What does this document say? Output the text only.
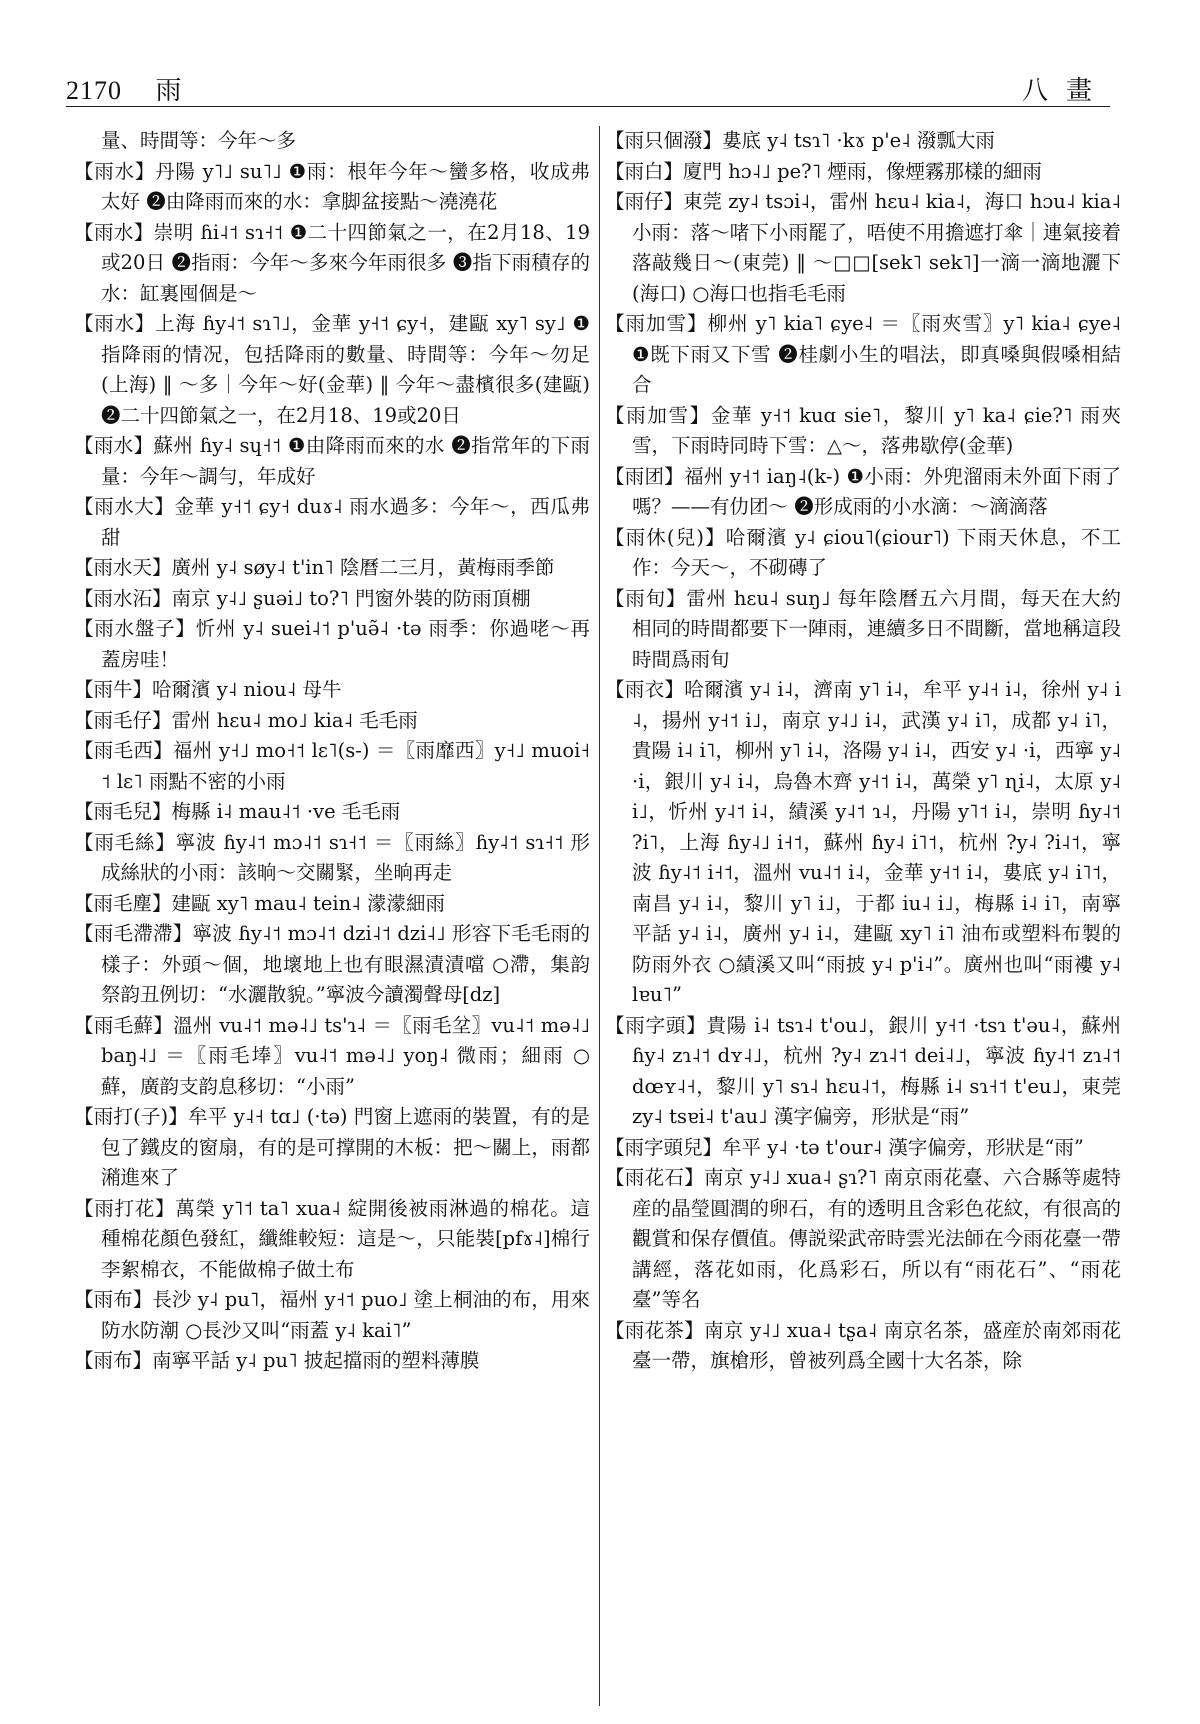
2170 雨	八畫

量、時間等：今年～多

【雨水】丹陽 y˥˩ su˥˩ ❶雨：根年今年～蠻多格，收成弗太好 ❷由降雨而來的水：拿脚盆接點～澆澆花

【雨水】崇明 ɦi˨˦ sɿ˧˦ ❶二十四節氣之一，在2月18、19或20日 ❷指雨：今年～多來今年雨很多 ❸指下雨積存的水：缸裏囤個是～

【雨水】上海 ɦy˨˦ sɿ˥˩，金華 y˧˦ ɕy˧，建甌 xy˥ sy˩ ❶指降雨的情况，包括降雨的數量、時間等：今年～勿足(上海) ‖ ～多｜今年～好(金華) ‖ 今年～盡檳很多(建甌) ❷二十四節氣之一，在2月18、19或20日

【雨水】蘇州 ɦy˨ sɥ˧˦ ❶由降雨而來的水 ❷指常年的下雨量：今年～調勻，年成好

【雨水大】金華 y˧˦ ɕy˧ duɤ˨ 雨水過多：今年～，西瓜弗甜

【雨水天】廣州 y˨ søy˨ t'in˥ 陰曆二三月，黃梅雨季節

【雨水沰】南京 y˨˩ ʂuəi˩ to?˥ 門窗外裝的防雨頂棚

【雨水盤子】忻州 y˨ suei˨˦ p'uə̃˨ ·tə 雨季：你過咾～再蓋房哇！

【雨牛】哈爾濱 y˨ niou˨ 母牛

【雨毛仔】雷州 hɛu˨ mo˩ kia˨ 毛毛雨

【雨毛西】福州 y˧˩ mo˧˦ lɛ˥(s-) ＝〖雨靡西〗y˧˩ muoi˧˦ lɛ˥ 雨點不密的小雨

【雨毛兒】梅縣 i˨ mau˨˦ ·ve 毛毛雨

【雨毛絲】寧波 ɦy˨˦ mɔ˨˦ sɿ˧˦ ＝〖雨絲〗ɦy˨˦ sɿ˧˦ 形成絲狀的小雨：該晌～交關緊，坐晌再走

【雨毛塵】建甌 xy˥ mau˨ tein˨ 濛濛細雨

【雨毛滯滯】寧波 ɦy˨˦ mɔ˨˦ dzi˨˦ dzi˨˩ 形容下毛毛雨的樣子：外頭～個，地壞地上也有眼濕漬漬噹 ○滯，集韵祭韵丑例切：“水灑散貌。”寧波今讀濁聲母[dz]

【雨毛蘚】溫州 vu˨˦ mə˨˩ ts'ɿ˨ ＝〖雨毛坌〗vu˨˦ mə˨˩ baŋ˨˩ ＝〖雨毛埲〗vu˨˦ mə˨˩ yoŋ˨ 微雨；細雨 ○蘚，廣韵支韵息移切：“小雨”

【雨打(子)】牟平 y˨˧ tɑ˩ (·tə) 門窗上遮雨的裝置，有的是包了鐵皮的窗扇，有的是可撑開的木板：把～關上，雨都潲進來了

【雨打花】萬榮 y˥˦ ta˥ xua˨ 綻開後被雨淋過的棉花。這種棉花顏色發紅，纖維較短：這是～，只能裝[pfɤ˨]棉行李絮棉衣，不能做棉子做土布

【雨布】長沙 y˨ pu˥，福州 y˧˦ puo˩ 塗上桐油的布，用來防水防潮 ○長沙又叫“雨蓋 y˨ kai˥”

【雨布】南寧平話 y˨ pu˥ 披起擋雨的塑料薄膜

【雨只個潑】婁底 y˨ tsɿ˥ ·kɤ p'e˨ 潑瓢大雨

【雨白】廈門 hɔ˨˩ pe?˥ 煙雨，像煙霧那樣的細雨

【雨仔】東莞 zy˨ tsɔi˨，雷州 hɛu˨ kia˨，海口 hɔu˨ kia˨ 小雨：落～啫下小雨罷了，唔使不用擔遮打傘｜連氣接着落敲幾日～(東莞) ‖ ～□□[sek˥ sek˥]一滴一滴地灑下(海口) ○海口也指毛毛雨

【雨加雪】柳州 y˥ kia˥ ɕye˨ ＝〖雨夾雪〗y˥ kia˨ ɕye˨ ❶既下雨又下雪 ❷桂劇小生的唱法，即真嗓與假嗓相結合

【雨加雪】金華 y˧˦ kuɑ sie˥，黎川 y˥ ka˨ ɕie?˥ 雨夾雪，下雨時同時下雪：△～，落弗歇停(金華)

【雨团】福州 y˧˦ iaŋ˨(k-) ❶小雨：外兜溜雨未外面下雨了嗎？——有仂团～ ❷形成雨的小水滴：～滴滴落

【雨休(兒)】哈爾濱 y˨ ɕiou˥(ɕiour˥) 下雨天休息，不工作：今天～，不砌磚了

【雨旬】雷州 hɛu˨ suŋ˩ 每年陰曆五六月間，每天在大約相同的時間都要下一陣雨，連續多日不間斷，當地稱這段時間爲雨旬

【雨衣】哈爾濱 y˨ i˨，濟南 y˥ i˨，牟平 y˨˧ i˨，徐州 y˨ i˨，揚州 y˧˦ i˩，南京 y˨˩ i˨，武漢 y˨ i˥，成都 y˨ i˥，貴陽 i˨ i˥，柳州 y˥ i˨，洛陽 y˨ i˨，西安 y˨ ·i，西寧 y˨ ·i，銀川 y˨ i˨，烏魯木齊 y˧˦ i˨，萬榮 y˥ ɳi˨，太原 y˨ i˩，忻州 y˨˦ i˨，績溪 y˨˦ ɿ˨，丹陽 y˥˦ i˨，崇明 ɦy˨˦ ?i˥，上海 ɦy˨˩ i˧˦，蘇州 ɦy˨ i˥˦，杭州 ?y˨ ?i˨˦，寧波 ɦy˨˦ i˧˦，溫州 vu˨˦ i˨，金華 y˧˦ i˨，婁底 y˨ i˥˦，南昌 y˨ i˨，黎川 y˥ i˩，于都 iu˨ i˩，梅縣 i˨ i˥，南寧平話 y˨ i˨，廣州 y˨ i˨，建甌 xy˥ i˥ 油布或塑料布製的防雨外衣 ○績溪又叫“雨披 y˨ p'i˨”。廣州也叫“雨褸 y˨ lɐu˥”

【雨字頭】貴陽 i˨ tsɿ˨ t'ou˩，銀川 y˧˦ ·tsɿ t'əu˨，蘇州 ɦy˨ zɿ˨˦ dʏ˨˩，杭州 ?y˨ zɿ˨˦ dei˨˩，寧波 ɦy˨˦ zɿ˨˦ dœʏ˨˧，黎川 y˥ sɿ˨ hɛu˨˦，梅縣 i˨ sɿ˧˦ t'eu˩，東莞 zy˨ tsɐi˨ t'au˩ 漢字偏旁，形狀是“雨”

【雨字頭兒】牟平 y˨ ·tə t'our˨ 漢字偏旁，形狀是“雨”

【雨花石】南京 y˨˩ xua˨ ʂɿ?˥ 南京雨花臺、六合縣等處特産的晶瑩圓潤的卵石，有的透明且含彩色花紋，有很高的觀賞和保存價值。傳説梁武帝時雲光法師在今雨花臺一帶講經，落花如雨，化爲彩石，所以有“雨花石”、“雨花臺”等名

【雨花茶】南京 y˨˩ xua˨ tʂa˨ 南京名茶，盛産於南郊雨花臺一帶，旗槍形，曾被列爲全國十大名茶，除
